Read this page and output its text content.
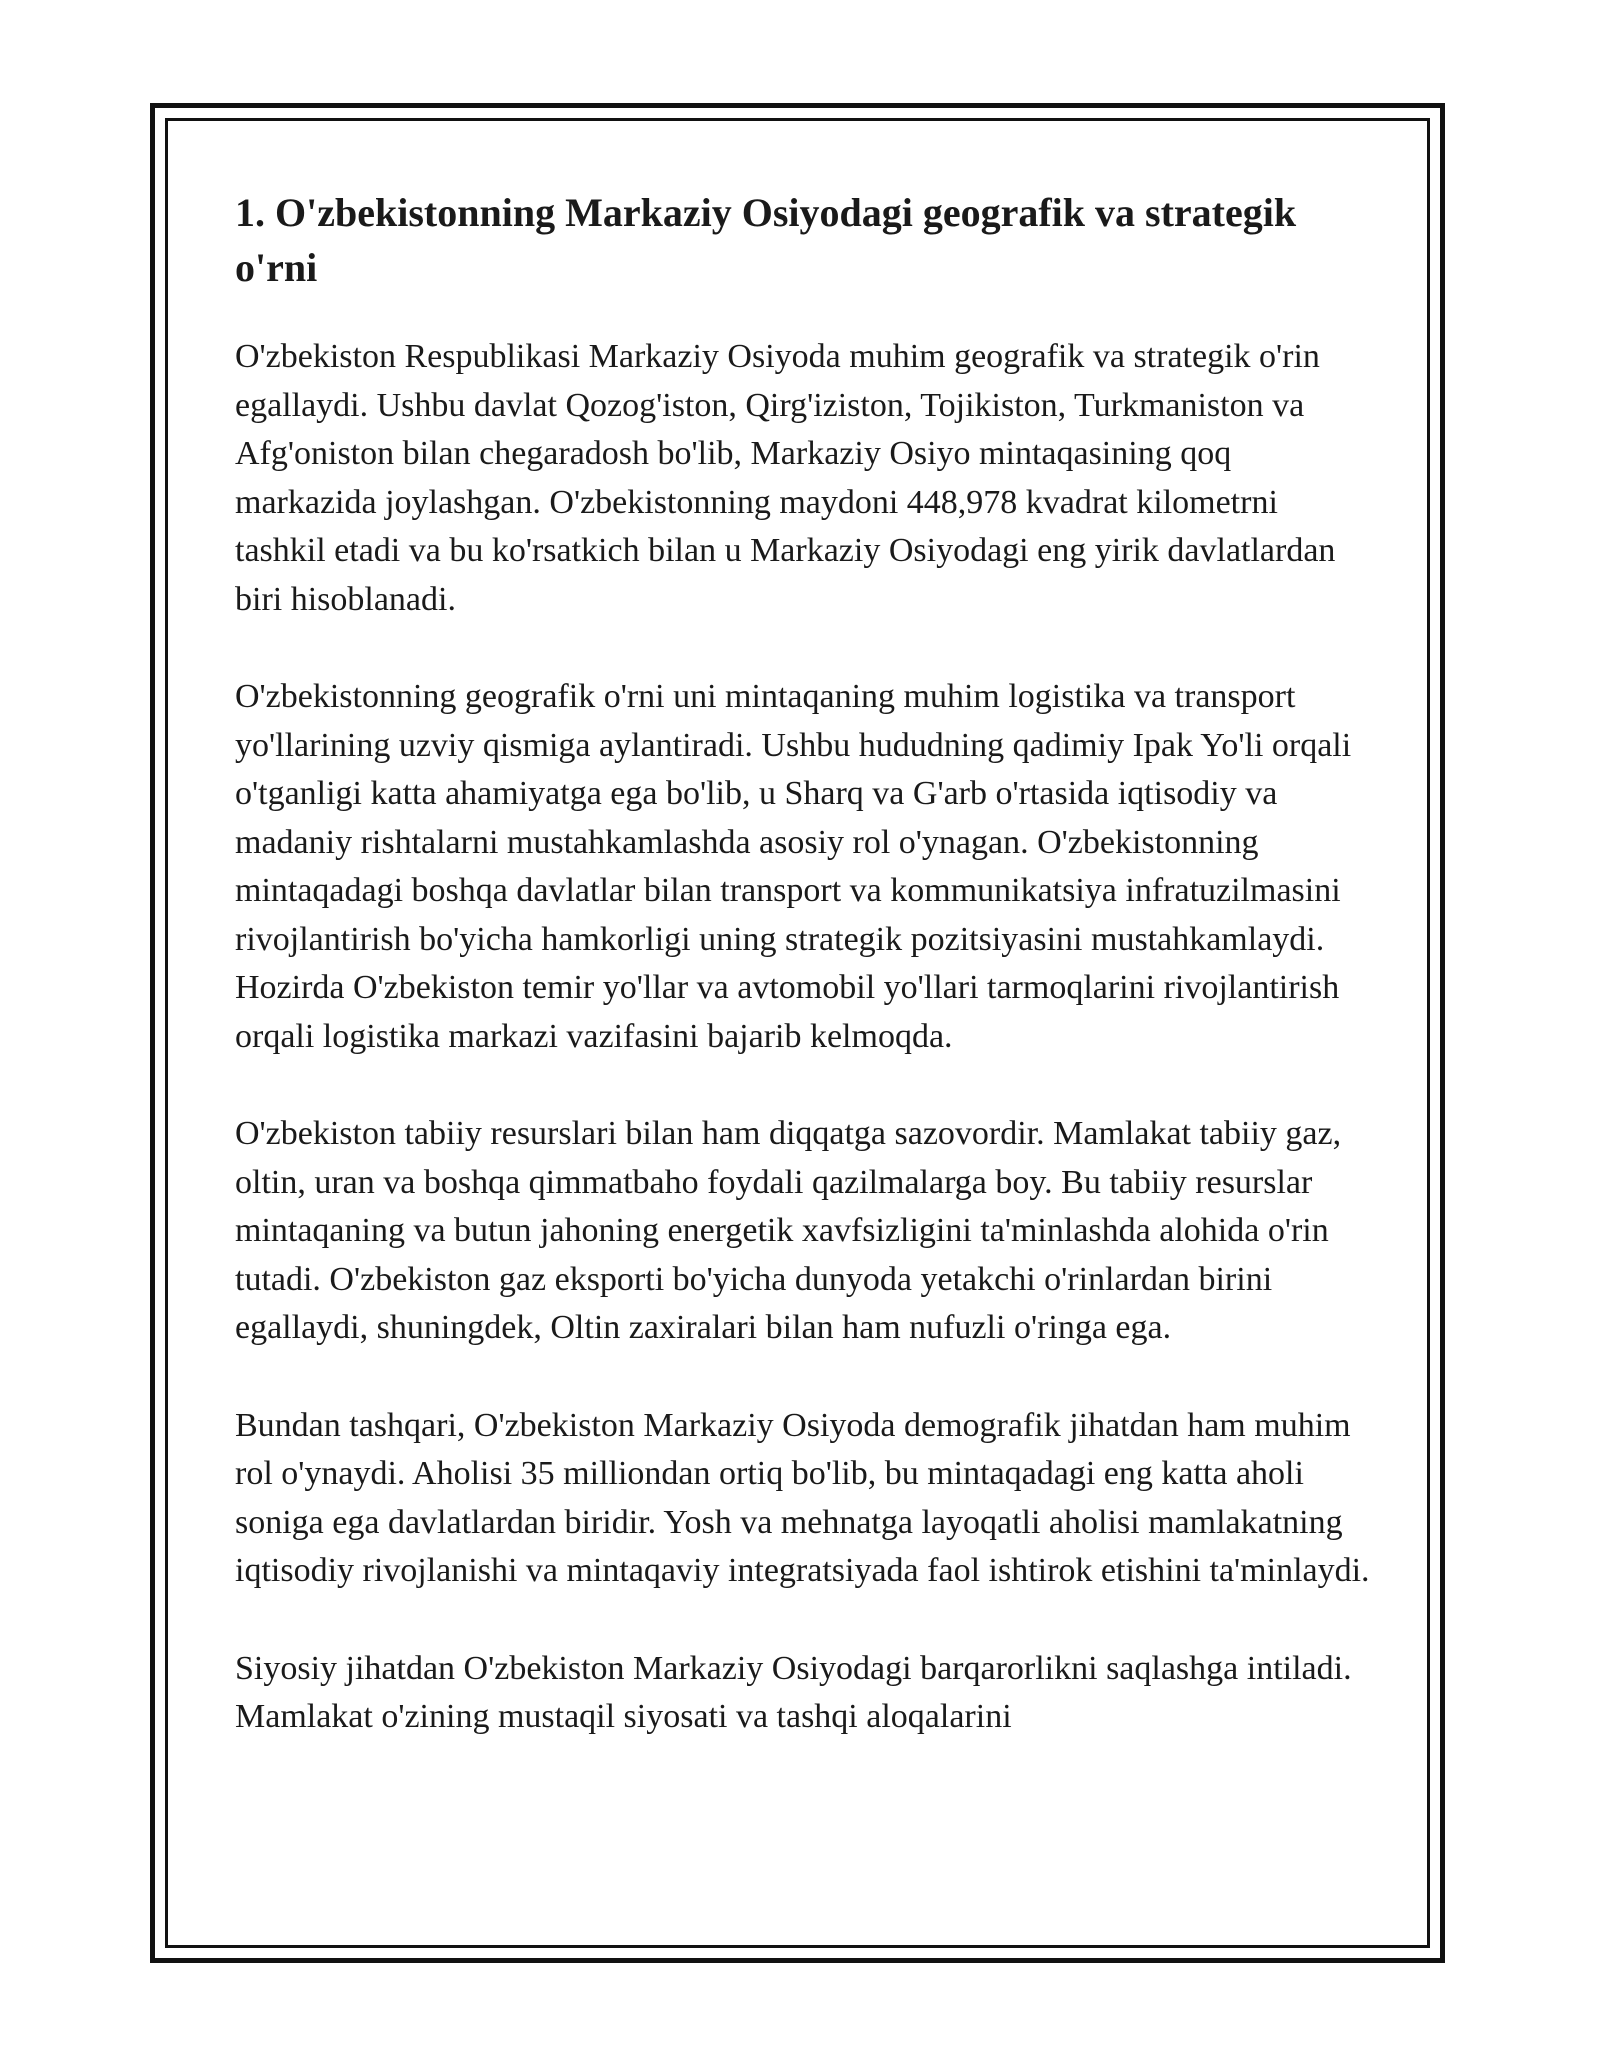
1. O'zbekistonning Markaziy Osiyodagi geografik va strategik o'rni

O'zbekiston Respublikasi Markaziy Osiyoda muhim geografik va strategik o'rin egallaydi. Ushbu davlat Qozog'iston, Qirg'iziston, Tojikiston, Turkmaniston va Afg'oniston bilan chegaradosh bo'lib, Markaziy Osiyo mintaqasining qoq markazida joylashgan. O'zbekistonning maydoni 448,978 kvadrat kilometrni tashkil etadi va bu ko'rsatkich bilan u Markaziy Osiyodagi eng yirik davlatlardan biri hisoblanadi.

O'zbekistonning geografik o'rni uni mintaqaning muhim logistika va transport yo'llarining uzviy qismiga aylantiradi. Ushbu hududning qadimiy Ipak Yo'li orqali o'tganligi katta ahamiyatga ega bo'lib, u Sharq va G'arb o'rtasida iqtisodiy va madaniy rishtalarni mustahkamlashda asosiy rol o'ynagan. O'zbekistonning mintaqadagi boshqa davlatlar bilan transport va kommunikatsiya infratuzilmasini rivojlantirish bo'yicha hamkorligi uning strategik pozitsiyasini mustahkamlaydi. Hozirda O'zbekiston temir yo'llar va avtomobil yo'llari tarmoqlarini rivojlantirish orqali logistika markazi vazifasini bajarib kelmoqda.

O'zbekiston tabiiy resurslari bilan ham diqqatga sazovordir. Mamlakat tabiiy gaz, oltin, uran va boshqa qimmatbaho foydali qazilmalarga boy. Bu tabiiy resurslar mintaqaning va butun jahoning energetik xavfsizligini ta'minlashda alohida o'rin tutadi. O'zbekiston gaz eksporti bo'yicha dunyoda yetakchi o'rinlardan birini egallaydi, shuningdek, Oltin zaxiralari bilan ham nufuzli o'ringa ega.

Bundan tashqari, O'zbekiston Markaziy Osiyoda demografik jihatdan ham muhim rol o'ynaydi. Aholisi 35 milliondan ortiq bo'lib, bu mintaqadagi eng katta aholi soniga ega davlatlardan biridir. Yosh va mehnatga layoqatli aholisi mamlakatning iqtisodiy rivojlanishi va mintaqaviy integratsiyada faol ishtirok etishini ta'minlaydi.

Siyosiy jihatdan O'zbekiston Markaziy Osiyodagi barqarorlikni saqlashga intiladi. Mamlakat o'zining mustaqil siyosati va tashqi aloqalarini
